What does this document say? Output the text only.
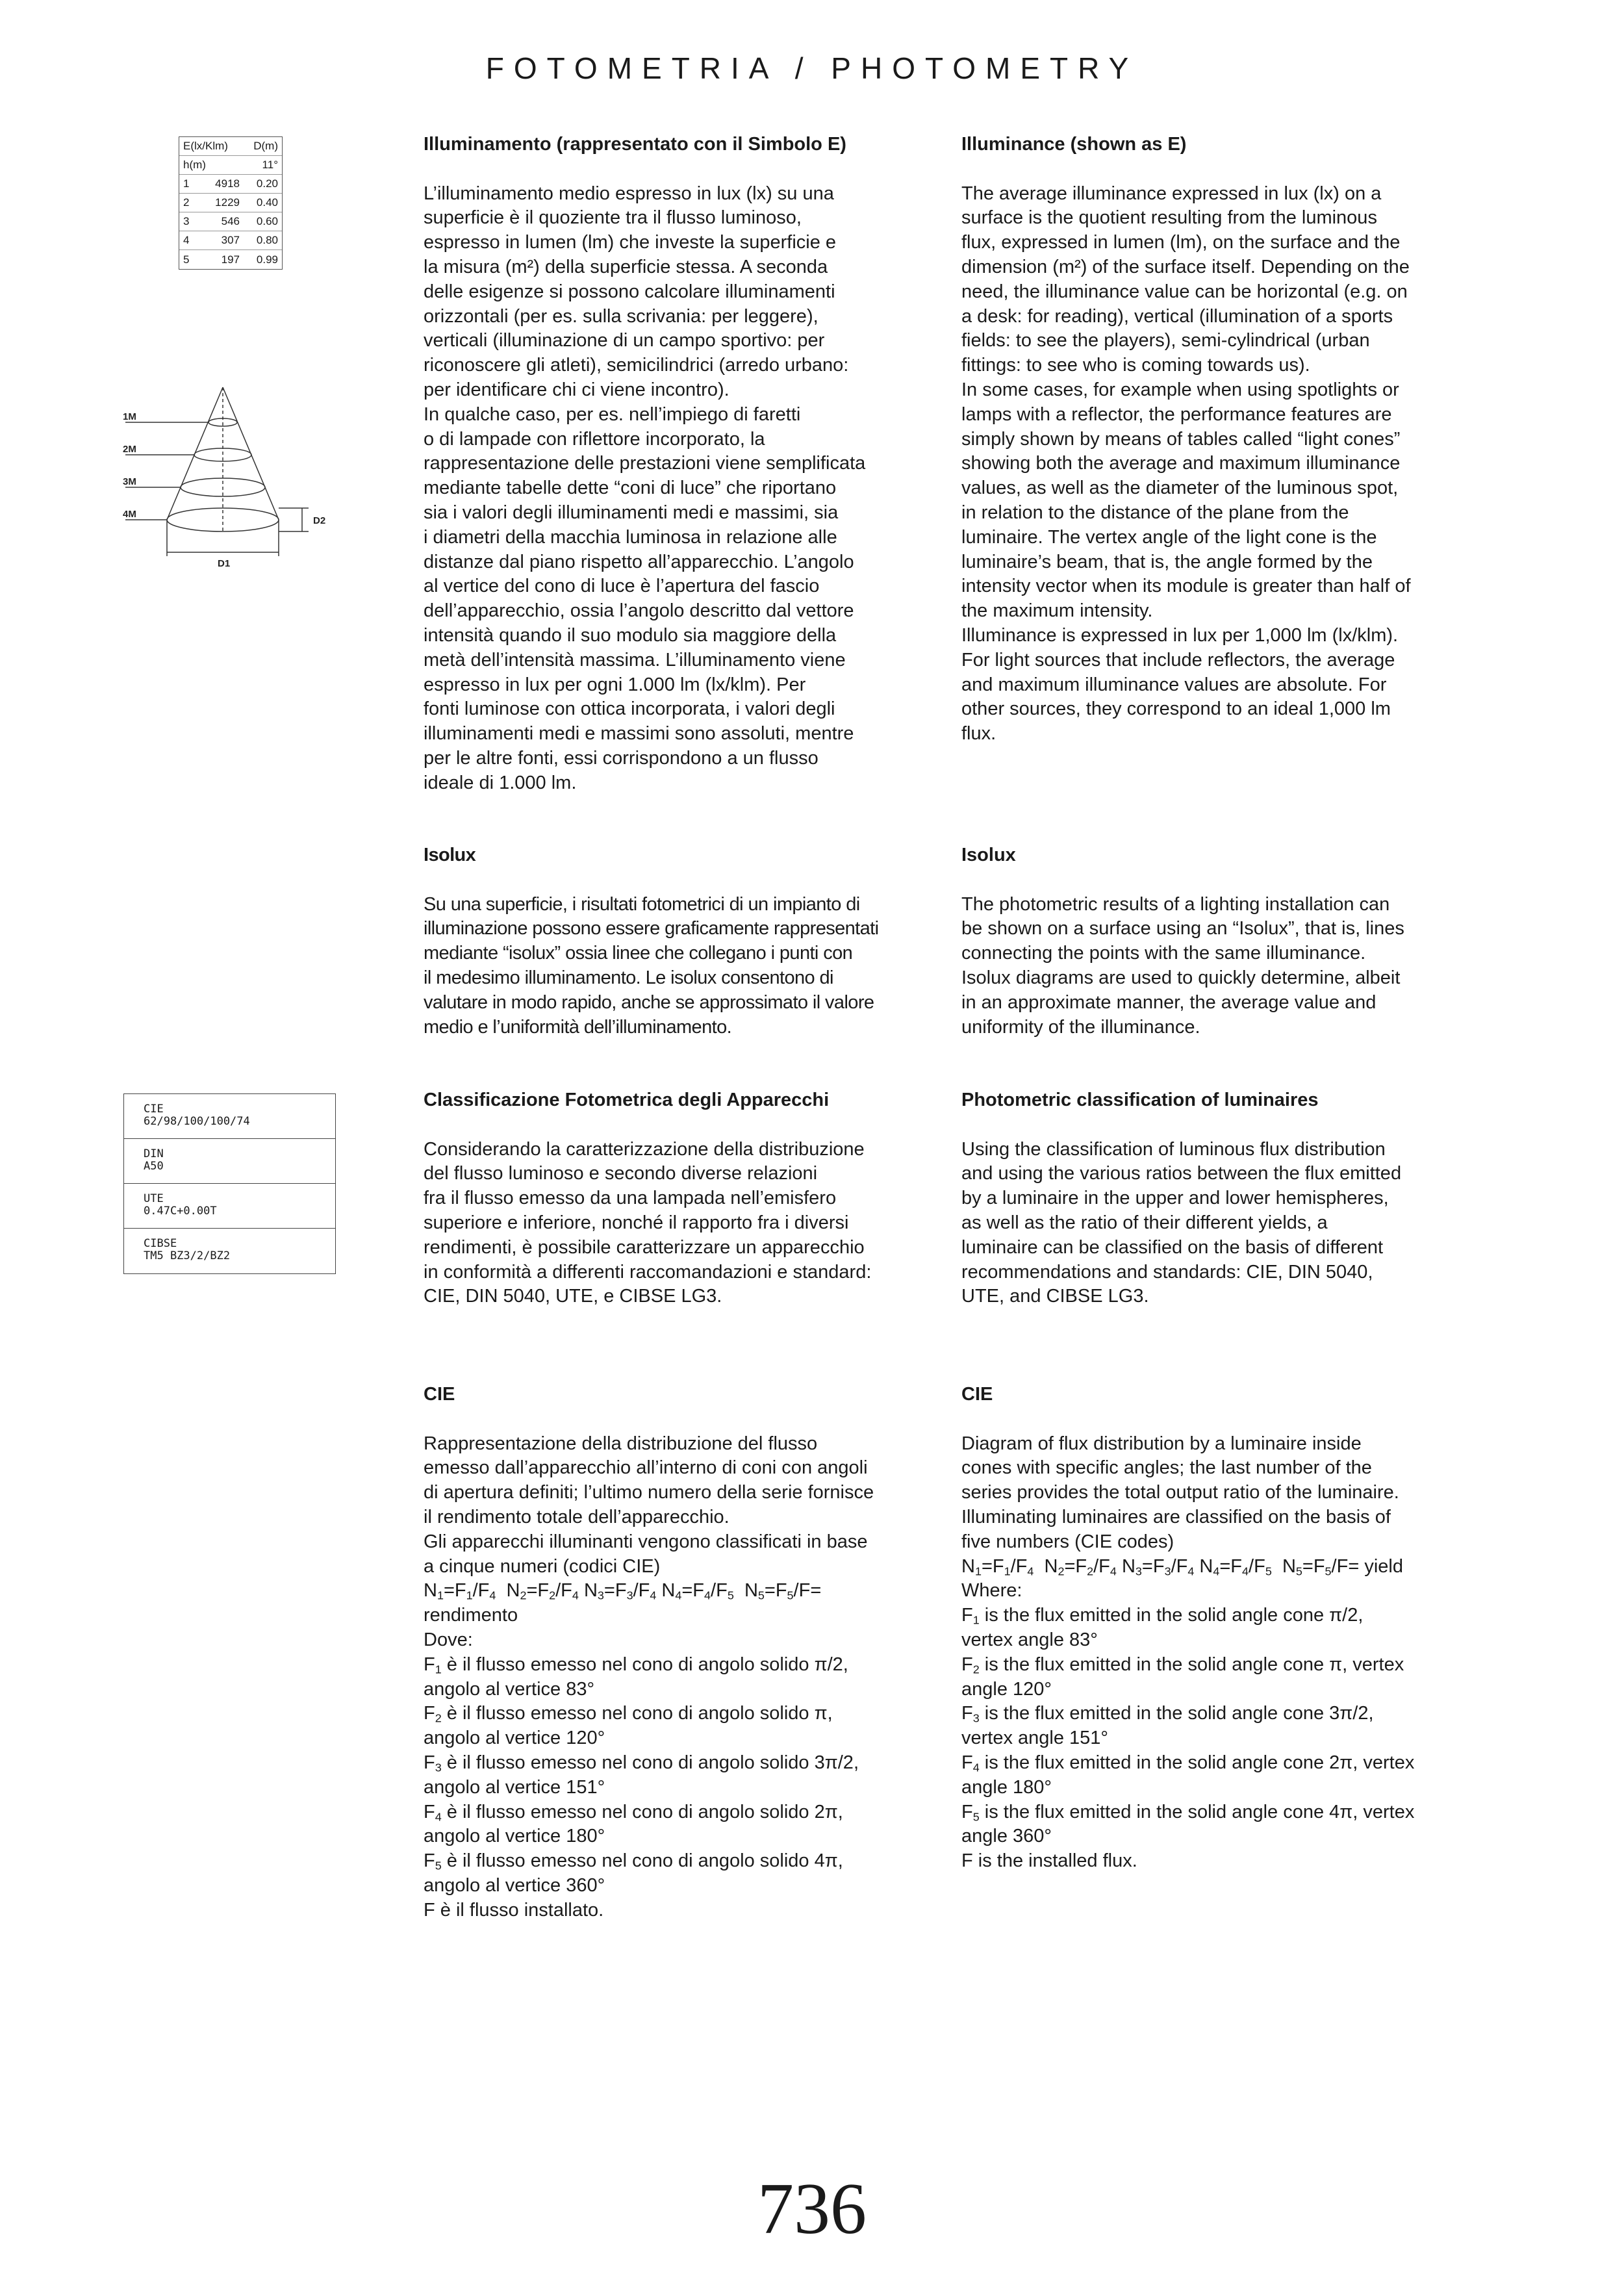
FOTOMETRIA / PHOTOMETRY
E(lx/Klm) D(m)
h(m)	11°
1	4918	0.20
2	1229	0.40
3	546	0.60
4	307	0.80
5	197	0.99
1M
2M
3M
4M
D1
D2
CIE
62/98/100/100/74
DIN
A50
UTE
0.47C+0.00T
CIBSE
TM5 BZ3/2/BZ2
Illuminamento (rappresentato con il Simbolo E)

L’illuminamento medio espresso in lux (lx) su una
superficie è il quoziente tra il flusso luminoso,
espresso in lumen (lm) che investe la superficie e
la misura (m²) della superficie stessa. A seconda
delle esigenze si possono calcolare illuminamenti
orizzontali (per es. sulla scrivania: per leggere),
verticali (illuminazione di un campo sportivo: per
riconoscere gli atleti), semicilindrici (arredo urbano:
per identificare chi ci viene incontro).
In qualche caso, per es. nell’impiego di faretti
o di lampade con riflettore incorporato, la
rappresentazione delle prestazioni viene semplificata
mediante tabelle dette “coni di luce” che riportano
sia i valori degli illuminamenti medi e massimi, sia
i diametri della macchia luminosa in relazione alle
distanze dal piano rispetto all’apparecchio. L’angolo
al vertice del cono di luce è l’apertura del fascio
dell’apparecchio, ossia l’angolo descritto dal vettore
intensità quando il suo modulo sia maggiore della
metà dell’intensità massima. L’illuminamento viene
espresso in lux per ogni 1.000 lm (lx/klm). Per
fonti luminose con ottica incorporata, i valori degli
illuminamenti medi e massimi sono assoluti, mentre
per le altre fonti, essi corrispondono a un flusso
ideale di 1.000 lm.

Illuminance (shown as E)

The average illuminance expressed in lux (lx) on a
surface is the quotient resulting from the luminous
flux, expressed in lumen (lm), on the surface and the
dimension (m²) of the surface itself. Depending on the
need, the illuminance value can be horizontal (e.g. on
a desk: for reading), vertical (illumination of a sports
fields: to see the players), semi-cylindrical (urban
fittings: to see who is coming towards us).
In some cases, for example when using spotlights or
lamps with a reflector, the performance features are
simply shown by means of tables called “light cones”
showing both the average and maximum illuminance
values, as well as the diameter of the luminous spot,
in relation to the distance of the plane from the
luminaire. The vertex angle of the light cone is the
luminaire’s beam, that is, the angle formed by the
intensity vector when its module is greater than half of
the maximum intensity.
Illuminance is expressed in lux per 1,000 lm (lx/klm).
For light sources that include reflectors, the average
and maximum illuminance values are absolute. For
other sources, they correspond to an ideal 1,000 lm
flux.

Isolux

Su una superficie, i risultati fotometrici di un impianto di
illuminazione possono essere graficamente rappresentati
mediante “isolux” ossia linee che collegano i punti con
il medesimo illuminamento. Le isolux consentono di
valutare in modo rapido, anche se approssimato il valore
medio e l’uniformità dell’illuminamento.

Isolux

The photometric results of a lighting installation can
be shown on a surface using an “Isolux”, that is, lines
connecting the points with the same illuminance.
Isolux diagrams are used to quickly determine, albeit
in an approximate manner, the average value and
uniformity of the illuminance.

Classificazione Fotometrica degli Apparecchi

Considerando la caratterizzazione della distribuzione
del flusso luminoso e secondo diverse relazioni
fra il flusso emesso da una lampada nell’emisfero
superiore e inferiore, nonché il rapporto fra i diversi
rendimenti, è possibile caratterizzare un apparecchio
in conformità a differenti raccomandazioni e standard:
CIE, DIN 5040, UTE, e CIBSE LG3.

Photometric classification of luminaires

Using the classification of luminous flux distribution
and using the various ratios between the flux emitted
by a luminaire in the upper and lower hemispheres,
as well as the ratio of their different yields, a
luminaire can be classified on the basis of different
recommendations and standards: CIE, DIN 5040,
UTE, and CIBSE LG3.

CIE

Rappresentazione della distribuzione del flusso
emesso dall’apparecchio all’interno di coni con angoli
di apertura definiti; l’ultimo numero della serie fornisce
il rendimento totale dell’apparecchio.
Gli apparecchi illuminanti vengono classificati in base
a cinque numeri (codici CIE)

$N_1=F_1/F_4$ $N_2=F_2/F_4$ $N_3=F_3/F_4$ $N_4=F_4/F_5$ $N_5=F_5/F=$

rendimento

Dove:

$F_1$ è il flusso emesso nel cono di angolo solido π/2,
angolo al vertice 83°

$F_2$ è il flusso emesso nel cono di angolo solido π,
angolo al vertice 120°

$F_3$ è il flusso emesso nel cono di angolo solido 3π/2,
angolo al vertice 151°

$F_4$ è il flusso emesso nel cono di angolo solido 2π,
angolo al vertice 180°

$F_5$ è il flusso emesso nel cono di angolo solido 4π,
angolo al vertice 360°

F è il flusso installato.

CIE

Diagram of flux distribution by a luminaire inside
cones with specific angles; the last number of the
series provides the total output ratio of the luminaire.
Illuminating luminaires are classified on the basis of
five numbers (CIE codes)

$N_1=F_1/F_4$ $N_2=F_2/F_4$ $N_3=F_3/F_4$ $N_4=F_4/F_5$ $N_5=F_5/F=$ yield

Where:

$F_1$ is the flux emitted in the solid angle cone π/2,
vertex angle 83°

$F_2$ is the flux emitted in the solid angle cone π, vertex
angle 120°

$F_3$ is the flux emitted in the solid angle cone 3π/2,
vertex angle 151°

$F_4$ is the flux emitted in the solid angle cone 2π, vertex
angle 180°

$F_5$ is the flux emitted in the solid angle cone 4π, vertex
angle 360°

F is the installed flux.

736
